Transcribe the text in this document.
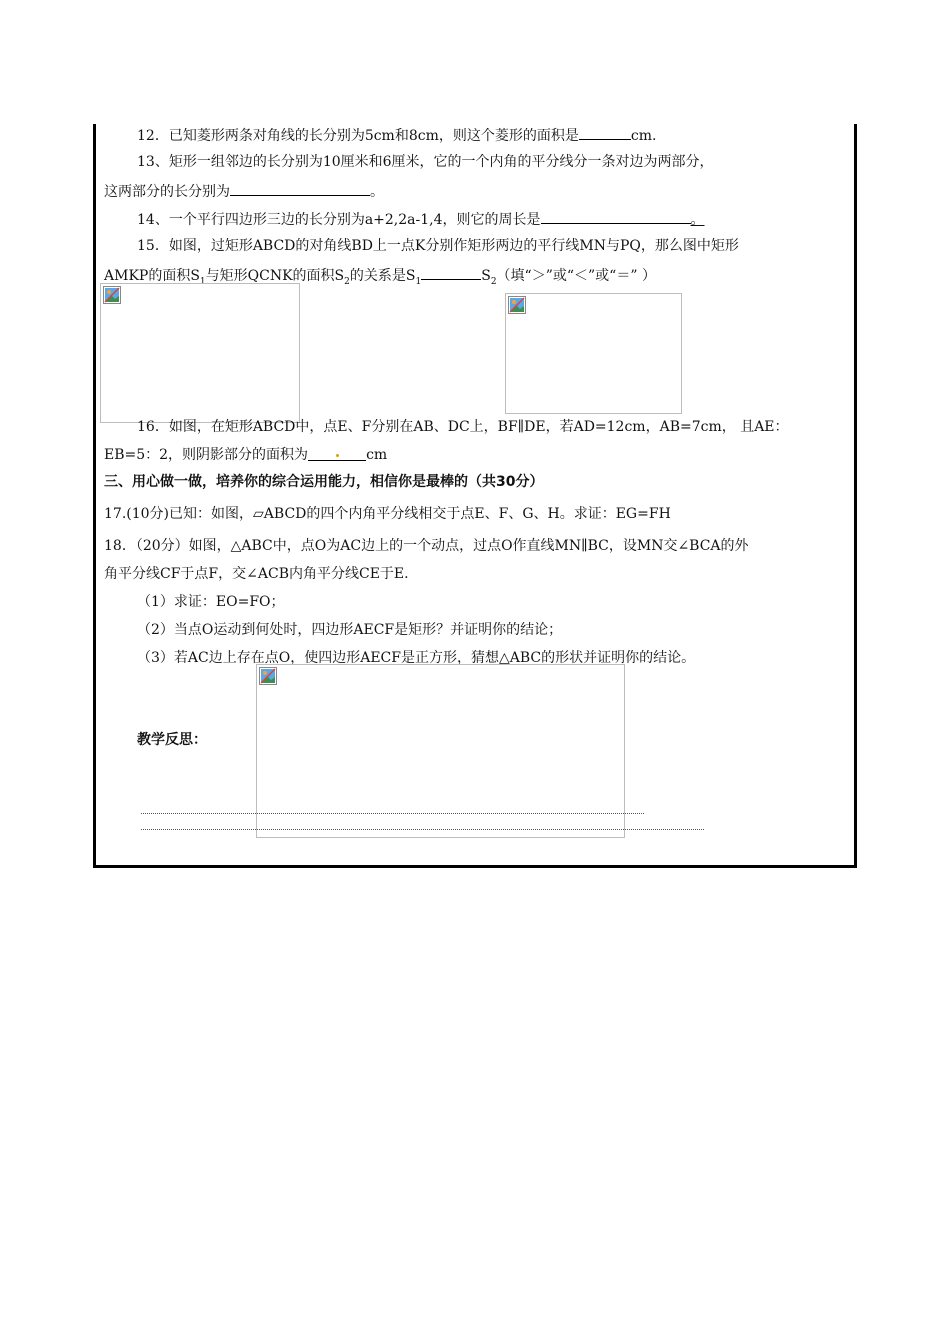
12．已知菱形两条对角线的长分别为5cm和8cm，则这个菱形的面积是	cm.
13、矩形一组邻边的长分别为10厘米和6厘米，它的一个内角的平分线分一条对边为两部分，
这两部分的长分别为	。
14、一个平行四边形三边的长分别为a+2,2a-1,4，则它的周长是	。
15．如图，过矩形ABCD的对角线BD上一点K分别作矩形两边的平行线MN与PQ，那么图中矩形
AMKP的面积$S_1$与矩形QCNK的面积$S_2$的关系是$S_1$	$S_2$（填“＞”或“＜”或“＝” ）
16．如图，在矩形ABCD中，点E、F分别在AB、DC上，BF∥DE，若AD=12cm，AB=7cm， 且AE：
EB=5：2，则阴影部分的面积为	cm
三、用心做一做，培养你的综合运用能力，相信你是最棒的（共30分）
17.(10分)已知：如图，▱ABCD的四个内角平分线相交于点E、F、G、H。求证：EG=FH
18．（20分）如图，△ABC中，点O为AC边上的一个动点，过点O作直线MN∥BC，设MN交∠BCA的外
角平分线CF于点F，交∠ACB内角平分线CE于E.
（1）求证：EO=FO；
（2）当点O运动到何处时，四边形AECF是矩形？并证明你的结论；
（3）若AC边上存在点O，使四边形AECF是正方形，猜想△ABC的形状并证明你的结论。
教学反思：
